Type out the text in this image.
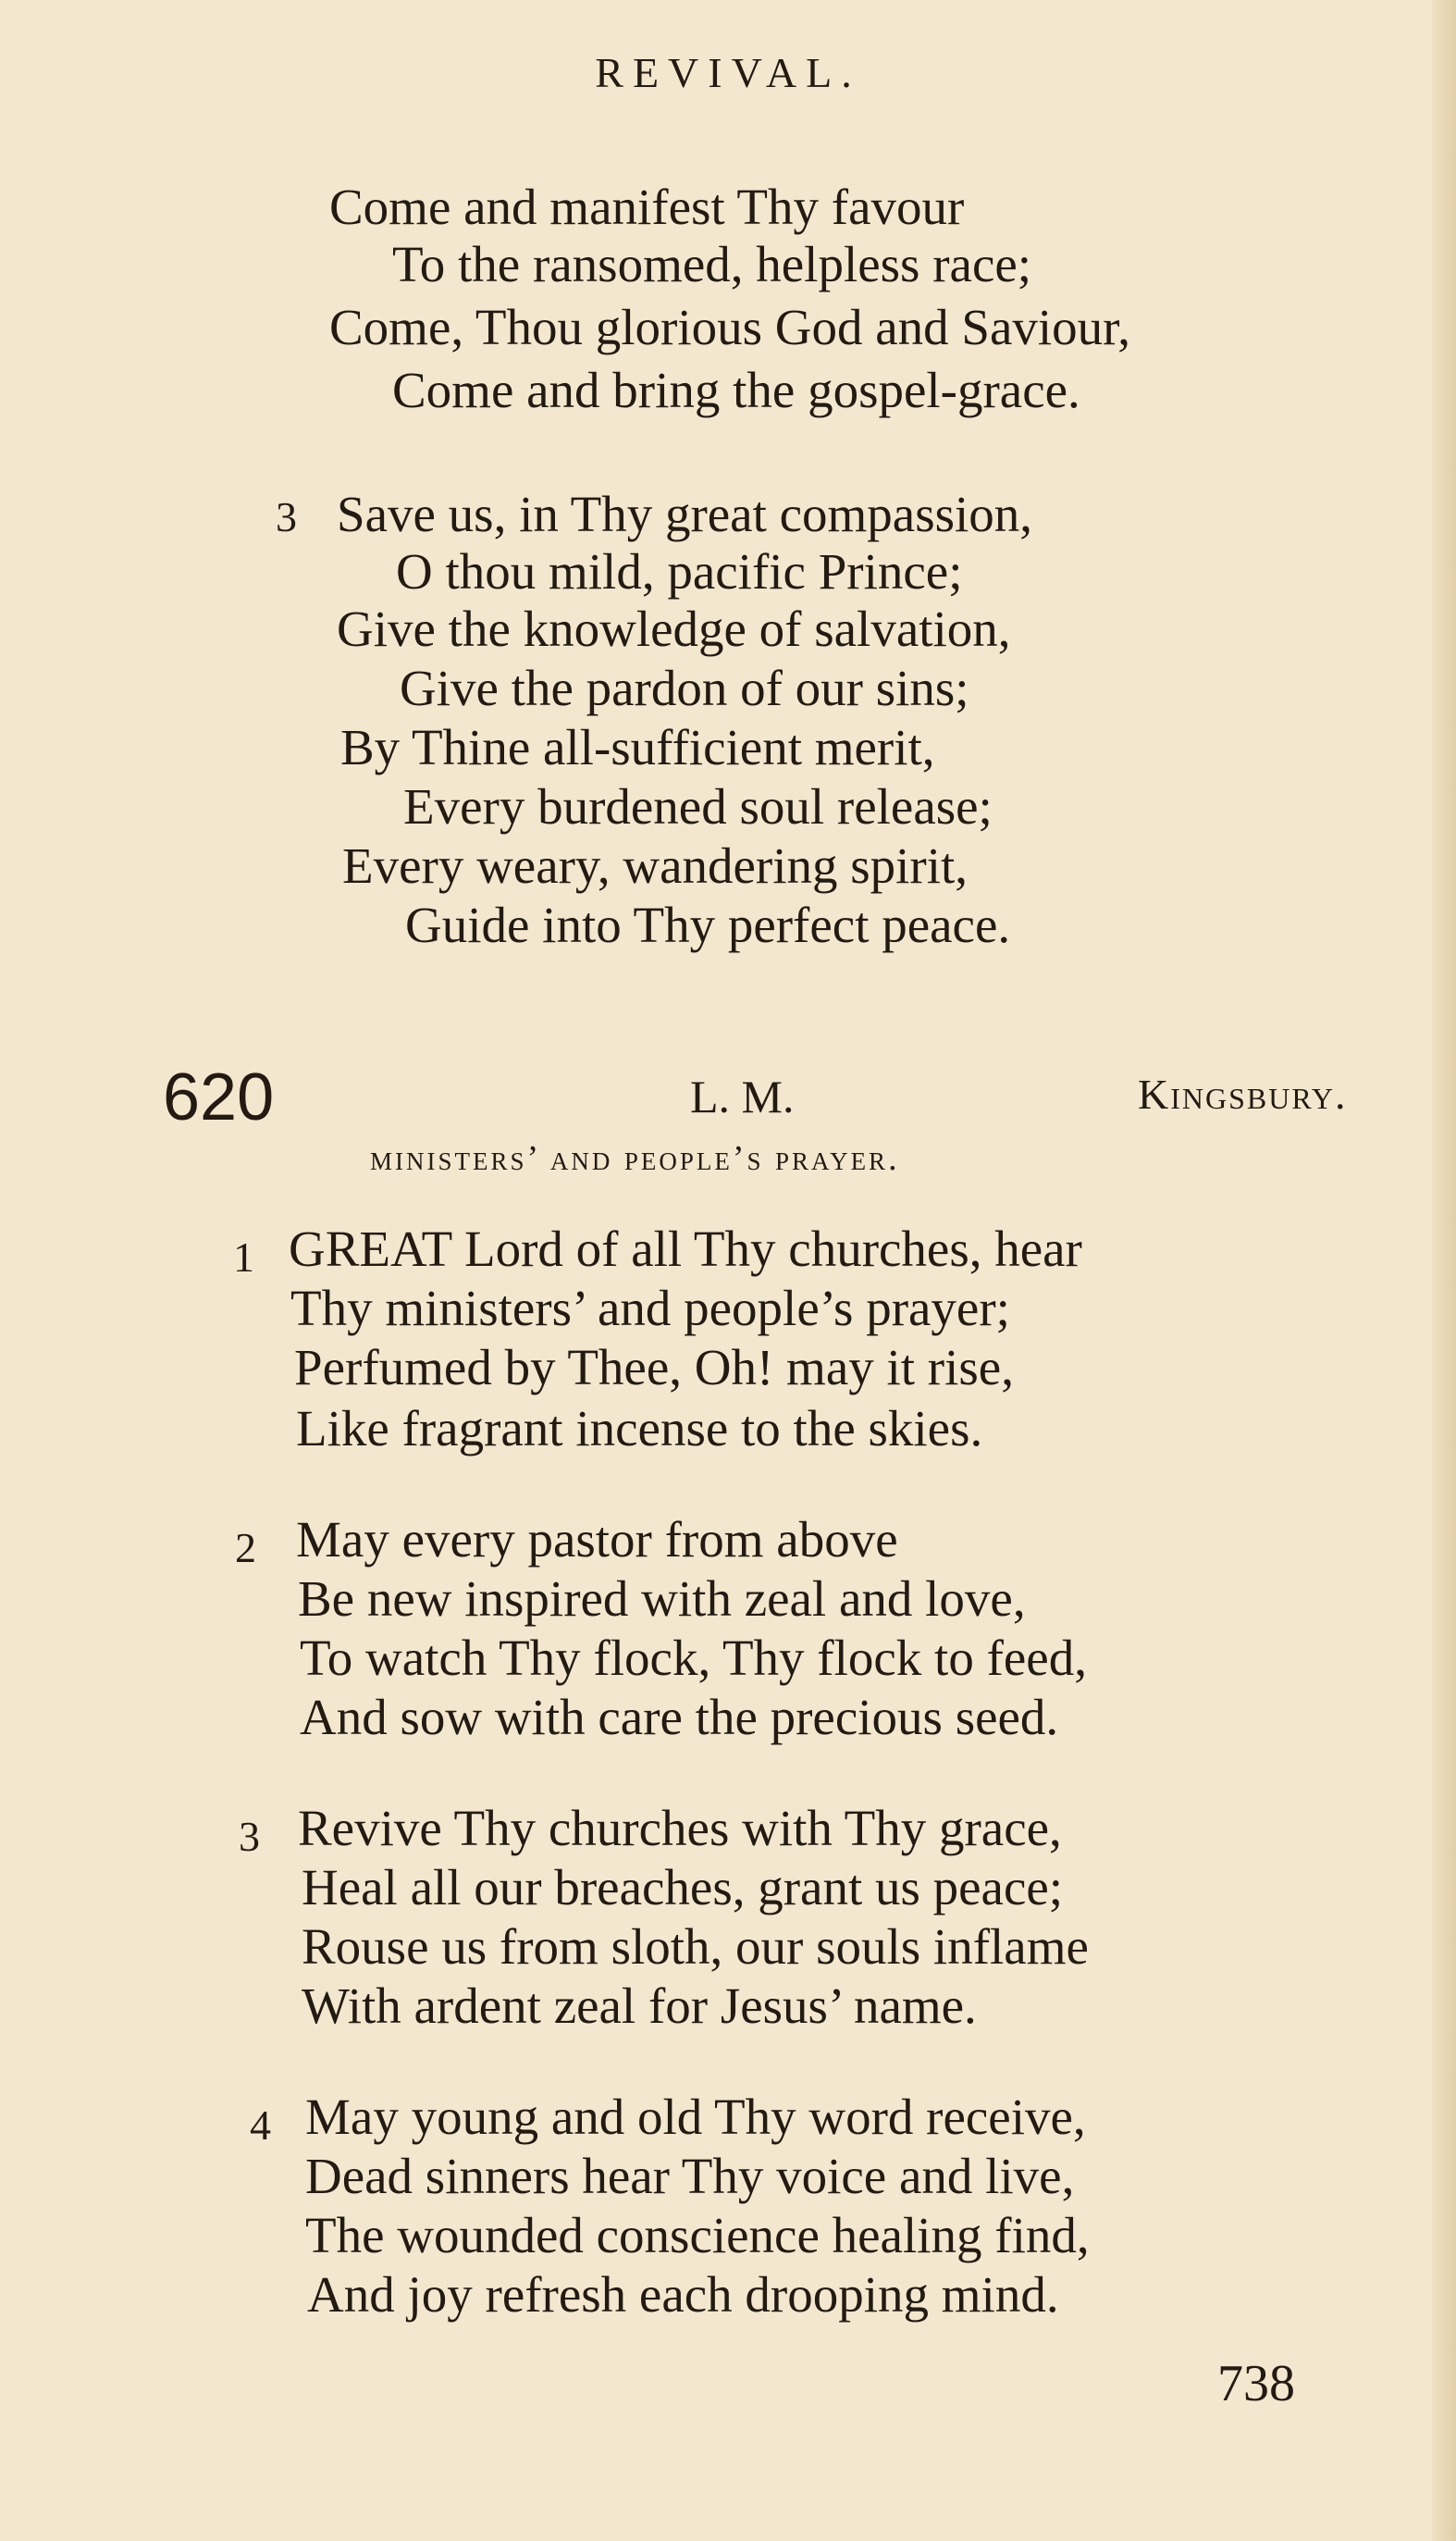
REVIVAL.
Come and manifest Thy favour
To the ransomed, helpless race;
Come, Thou glorious God and Saviour,
Come and bring the gospel-grace.
3 Save us, in Thy great compassion,
O thou mild, pacific Prince;
Give the knowledge of salvation,
Give the pardon of our sins;
By Thine all-sufficient merit,
Every burdened soul release;
Every weary, wandering spirit,
Guide into Thy perfect peace.
620	L. M.	Kingsbury.
ministers’ and people’s prayer.
1 GREAT Lord of all Thy churches, hear
Thy ministers’ and people’s prayer;
Perfumed by Thee, Oh! may it rise,
Like fragrant incense to the skies.
2 May every pastor from above
Be new inspired with zeal and love,
To watch Thy flock, Thy flock to feed,
And sow with care the precious seed.
3 Revive Thy churches with Thy grace,
Heal all our breaches, grant us peace;
Rouse us from sloth, our souls inflame
With ardent zeal for Jesus’ name.
4 May young and old Thy word receive,
Dead sinners hear Thy voice and live,
The wounded conscience healing find,
And joy refresh each drooping mind.
738
